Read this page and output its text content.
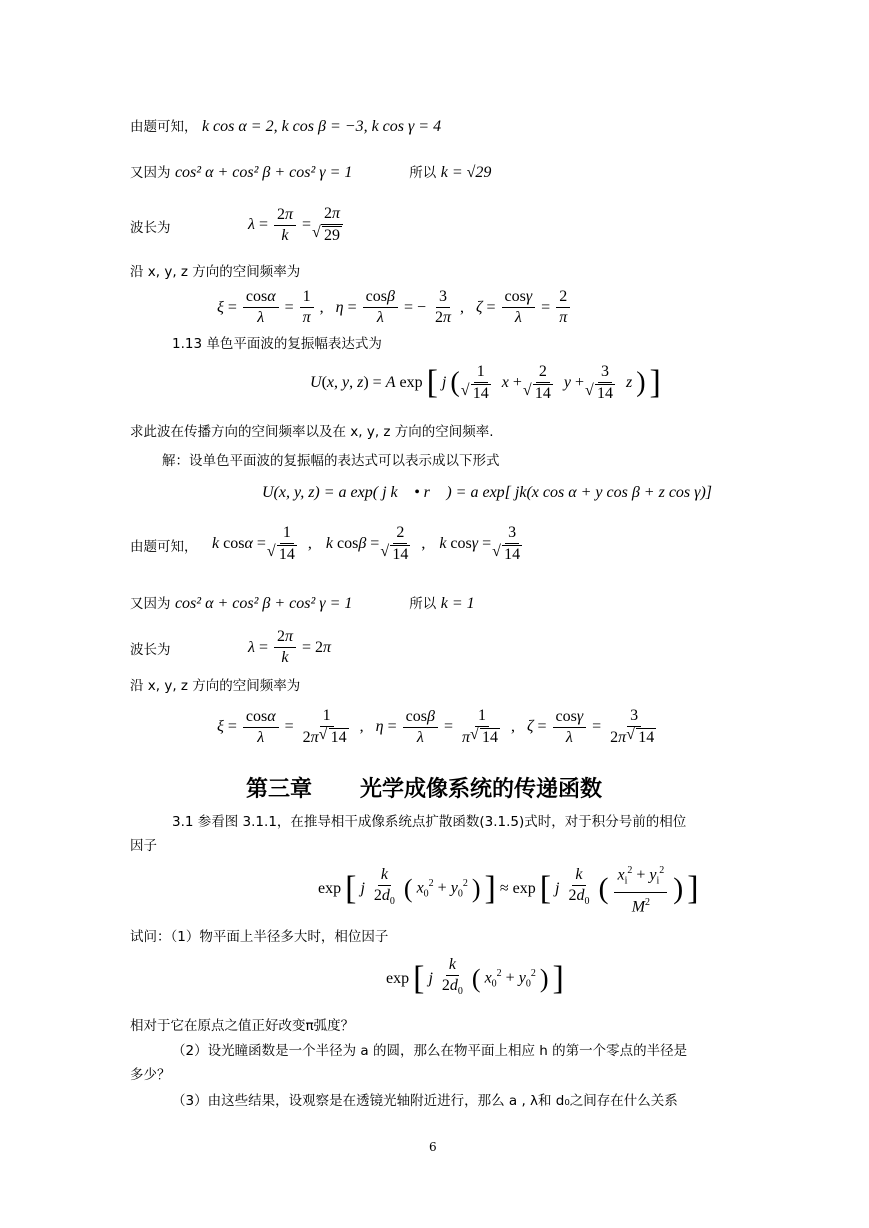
由题可知， k cos α = 2, k cos β = −3, k cos γ = 4
又因为 cos² α + cos² β + cos² γ = 1	所以 k = √29
波长为	$\lambda = \frac{2\pi}{k} = 2\pi$
√ 29
沿 x, y, z 方向的空间频率为
$\xi = \frac{\cos\alpha}{\lambda} = \frac{1}{\pi}$ , $\eta = \frac{\cos\beta}{\lambda}$ = − $\frac{3}{2\pi}$ , $\zeta = \frac{\cos\gamma}{\lambda} = \frac{2}{\pi}$
1.13 单色平面波的复振幅表达式为
U(x, y, z) = A exp [ j ( 1
√ 14 x + 2
√ 14 y + 3
√ 14 z ) ]
求此波在传播方向的空间频率以及在 x, y, z 方向的空间频率.
解：设单色平面波的复振幅的表达式可以表示成以下形式
U(x, y, z) = a exp( j k⃗ • r⃗ ) = a exp[ jk(x cos α + y cos β + z cos γ)]
由题可知， k cosα = 1
√ 14 , k cosβ = 2
√ 14 , k cosγ = 3
√ 14
又因为 cos² α + cos² β + cos² γ = 1	所以 k = 1
波长为	$\lambda = \frac{2\pi}{k} = 2\pi$
沿 x, y, z 方向的空间频率为
$\xi = \frac{\cos\alpha}{\lambda} = \frac{1}{2\pi √ 14}$ , $\eta = \frac{\cos\beta}{\lambda} = \frac{1}{\pi √ 14}$ , $\zeta = \frac{\cos\gamma}{\lambda} = \frac{3}{2\pi √ 14}$
第三章 光学成像系统的传递函数
3.1 参看图 3.1.1，在推导相干成像系统点扩散函数(3.1.5)式时，对于积分号前的相位
因子
exp [ j $\frac{k}{2d_0}$ ( $x_0^2 + y_0^2$ ) ] ≈ exp [ j $\frac{k}{2d_0}$ ( $\frac{x_i^2 + y_i^2}{M^2}$ ) ]
试问：（1）物平面上半径多大时，相位因子
exp [ j $\frac{k}{2d_0}$ ( $x_0^2 + y_0^2$ ) ]
相对于它在原点之值正好改变π弧度？
（2）设光瞳函数是一个半径为 a 的圆，那么在物平面上相应 h 的第一个零点的半径是
多少？
（3）由这些结果，设观察是在透镜光轴附近进行，那么 a , λ和 d₀之间存在什么关系
6
